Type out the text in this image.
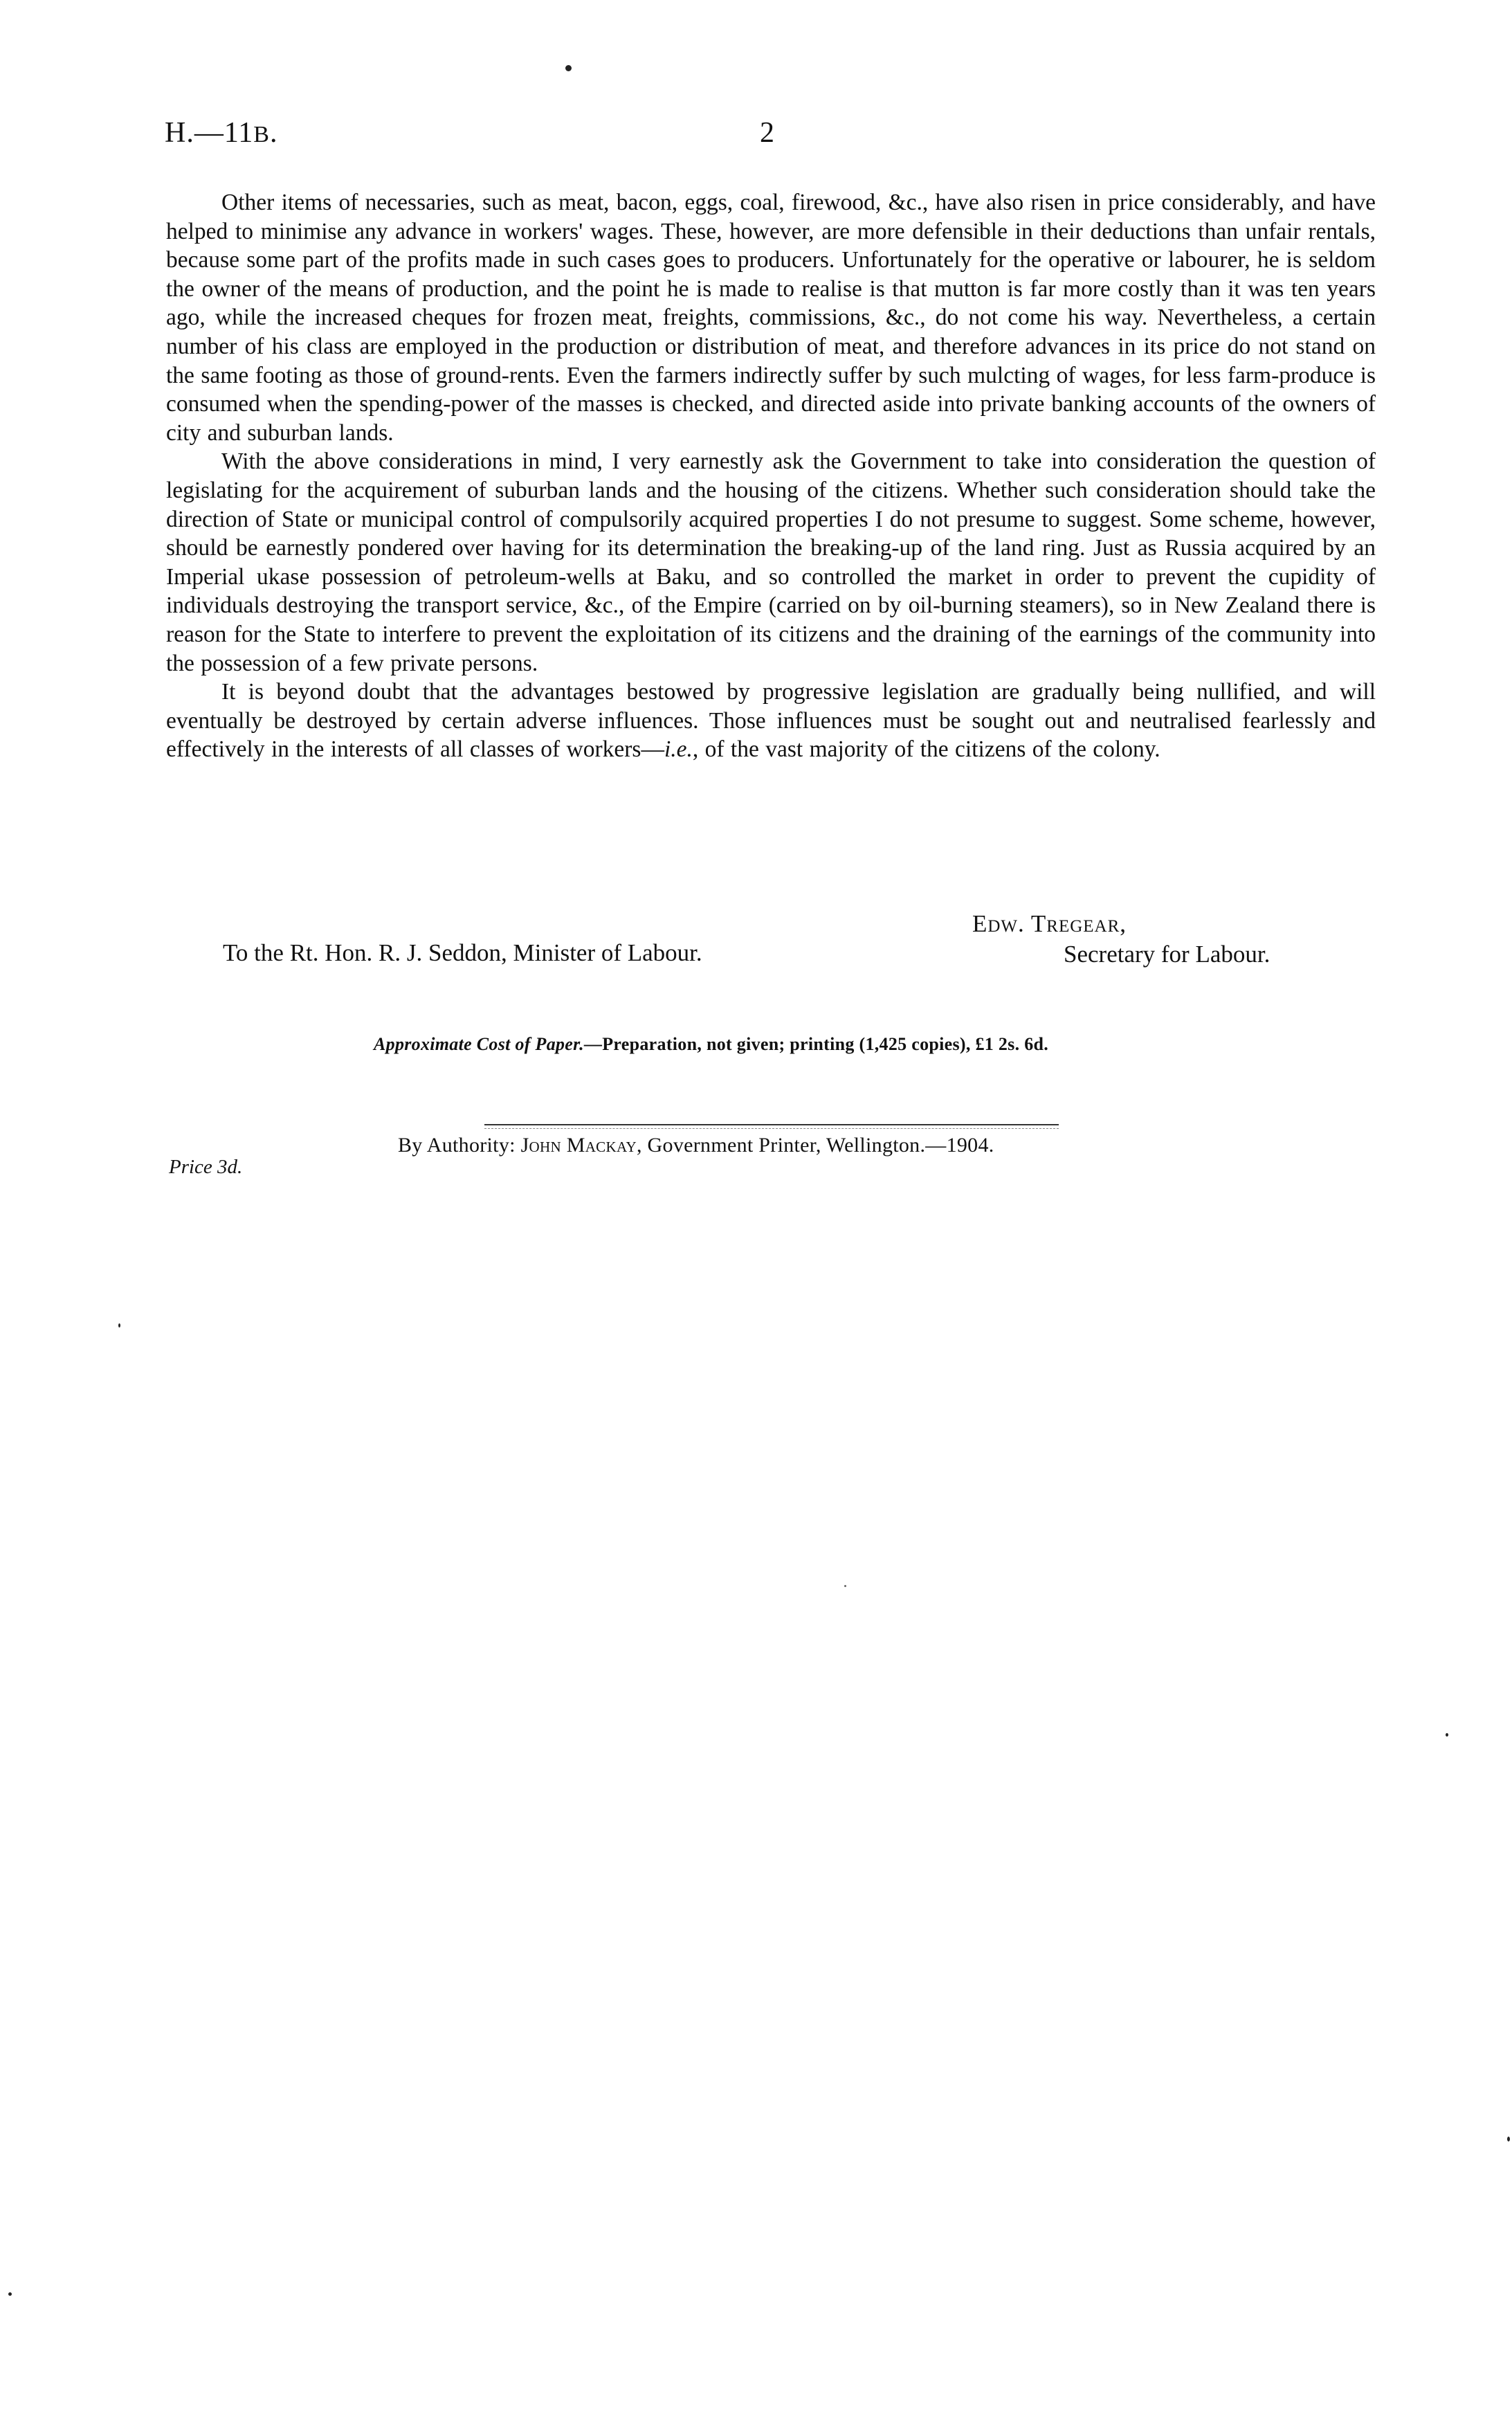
H.—11B.	2

Other items of necessaries, such as meat, bacon, eggs, coal, firewood, &c., have also risen in price considerably, and have helped to minimise any advance in workers' wages. These, however, are more defensible in their deductions than unfair rentals, because some part of the profits made in such cases goes to producers. Unfortunately for the operative or labourer, he is seldom the owner of the means of production, and the point he is made to realise is that mutton is far more costly than it was ten years ago, while the increased cheques for frozen meat, freights, commissions, &c., do not come his way. Nevertheless, a certain number of his class are employed in the production or distribution of meat, and therefore advances in its price do not stand on the same footing as those of ground-rents. Even the farmers indirectly suffer by such mulcting of wages, for less farm-produce is consumed when the spending-power of the masses is checked, and directed aside into private banking accounts of the owners of city and suburban lands.

With the above considerations in mind, I very earnestly ask the Government to take into consideration the question of legislating for the acquirement of suburban lands and the housing of the citizens. Whether such consideration should take the direction of State or municipal control of compulsorily acquired properties I do not presume to suggest. Some scheme, however, should be earnestly pondered over having for its determination the breaking-up of the land ring. Just as Russia acquired by an Imperial ukase possession of petroleum-wells at Baku, and so controlled the market in order to prevent the cupidity of individuals destroying the transport service, &c., of the Empire (carried on by oil-burning steamers), so in New Zealand there is reason for the State to interfere to prevent the exploitation of its citizens and the draining of the earnings of the community into the possession of a few private persons.

It is beyond doubt that the advantages bestowed by progressive legislation are gradually being nullified, and will eventually be destroyed by certain adverse influences. Those influences must be sought out and neutralised fearlessly and effectively in the interests of all classes of workers—i.e., of the vast majority of the citizens of the colony.

Edw. Tregear,
Secretary for Labour.
To the Rt. Hon. R. J. Seddon, Minister of Labour.
Approximate Cost of Paper.—Preparation, not given; printing (1,425 copies), £1 2s. 6d.
By Authority: John Mackay, Government Printer, Wellington.—1904.
Price 3d.
